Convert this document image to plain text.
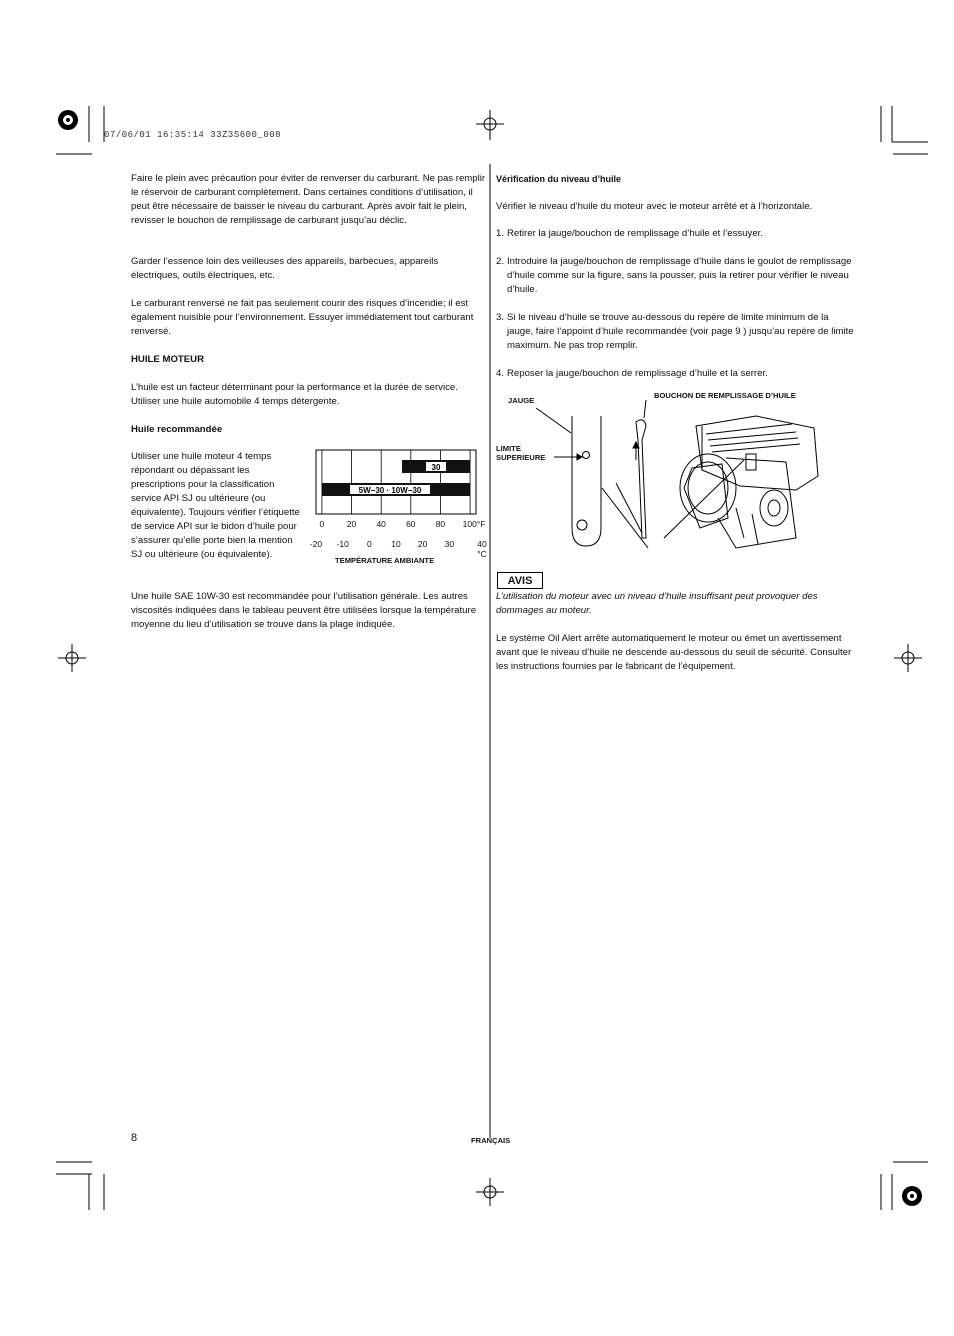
07/06/01 16:35:14 33Z3S600_008

Faire le plein avec précaution pour éviter de renverser du carburant. Ne pas remplir le réservoir de carburant complètement. Dans certaines conditions d’utilisation, il peut être nécessaire de baisser le niveau du carburant. Après avoir fait le plein, revisser le bouchon de remplissage de carburant jusqu’au déclic.

Garder l’essence loin des veilleuses des appareils, barbecues, appareils électriques, outils électriques, etc.

Le carburant renversé ne fait pas seulement courir des risques d’incendie; il est également nuisible pour l’environnement. Essuyer immédiatement tout carburant renversé.

HUILE MOTEUR

L’huile est un facteur déterminant pour la performance et la durée de service. Utiliser une huile automobile 4 temps détergente.

Huile recommandée

Utiliser une huile moteur 4 temps répondant ou dépassant les prescriptions pour la classification service API SJ ou ultérieure (ou équivalente). Toujours vérifier l’étiquette de service API sur le bidon d’huile pour s’assurer qu’elle porte bien la mention SJ ou ultérieure (ou équivalente).

30
5W−30 · 10W−30
0	20 40 60 80 100°F
-20 -10 0 10 20 30	40 °C
TEMPÉRATURE AMBIANTE

Une huile SAE 10W-30 est recommandée pour l’utilisation générale. Les autres viscosités indiquées dans le tableau peuvent être utilisées lorsque la température moyenne du lieu d’utilisation se trouve dans la plage indiquée.

Vérification du niveau d’huile

Vérifier le niveau d’huile du moteur avec le moteur arrêté et à l’horizontale.

1. Retirer la jauge/bouchon de remplissage d’huile et l’essuyer.
2. Introduire la jauge/bouchon de remplissage d’huile dans le goulot de remplissage d’huile comme sur la figure, sans la pousser, puis la retirer pour vérifier le niveau d’huile.
3. Si le niveau d’huile se trouve au-dessous du repère de limite minimum de la jauge, faire l’appoint d’huile recommandée (voir page 9 ) jusqu’au repère de limite maximum. Ne pas trop remplir.
4. Reposer la jauge/bouchon de remplissage d’huile et la serrer.
JAUGE
BOUCHON DE REMPLISSAGE D’HUILE
LIMITE
SUPERIEURE
AVIS

L’utilisation du moteur avec un niveau d’huile insuffisant peut provoquer des dommages au moteur.

Le système Oil Alert arrête automatiquement le moteur ou émet un avertissement avant que le niveau d’huile ne descende au-dessous du seuil de sécurité. Consulter les instructions fournies par le fabricant de l’équipement.

8	FRANÇAIS
